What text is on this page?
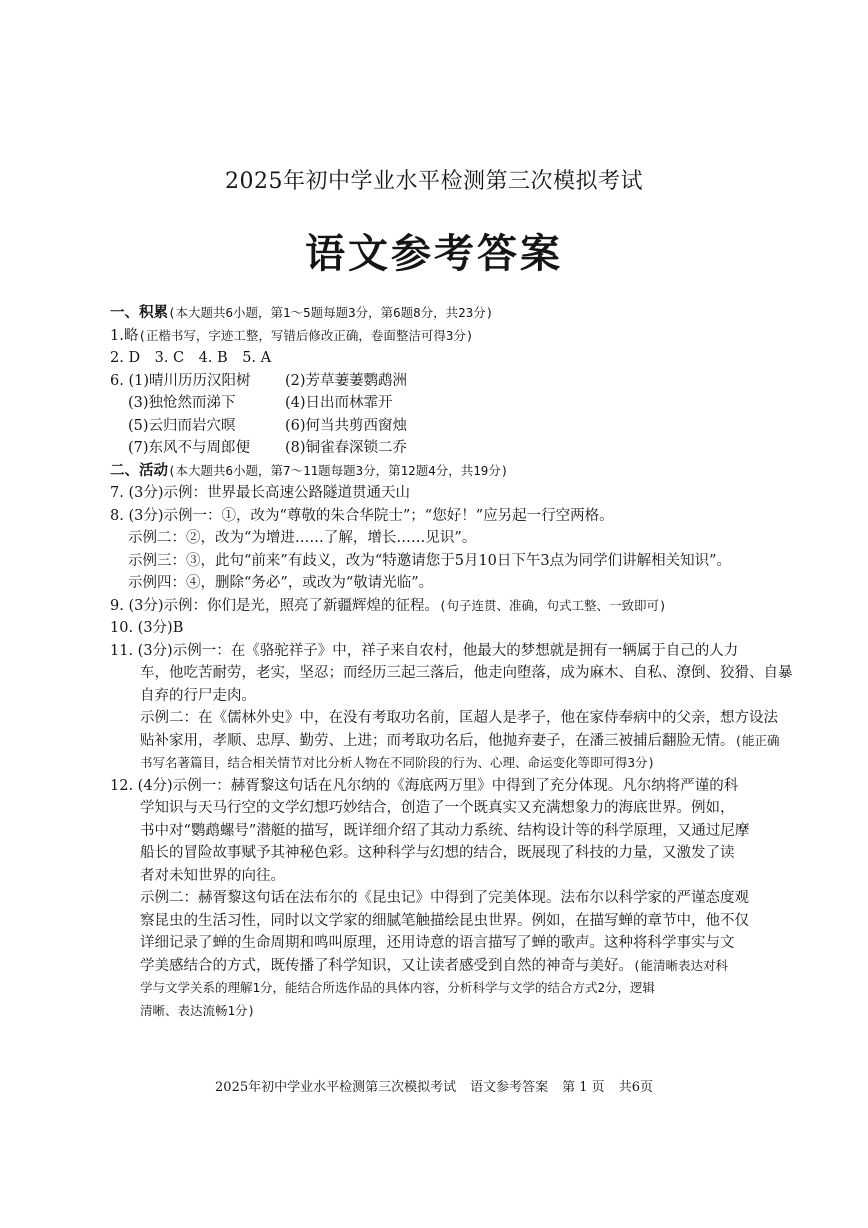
2025年初中学业水平检测第三次模拟考试
语文参考答案
一、积累(本大题共6小题，第1～5题每题3分，第6题8分，共23分)
1.略(正楷书写，字迹工整，写错后修改正确，卷面整洁可得3分)
2. D　3. C　4. B　5. A
6. (1)晴川历历汉阳树	(2)芳草萋萋鹦鹉洲
(3)独怆然而涕下	(4)日出而林霏开
(5)云归而岩穴暝	(6)何当共剪西窗烛
(7)东风不与周郎便	(8)铜雀春深锁二乔
二、活动(本大题共6小题，第7～11题每题3分，第12题4分，共19分)
7. (3分)示例：世界最长高速公路隧道贯通天山
8. (3分)示例一：①，改为“尊敬的朱合华院士”；“您好！”应另起一行空两格。
示例二：②，改为“为增进……了解，增长……见识”。
示例三：③，此句“前来”有歧义，改为“特邀请您于5月10日下午3点为同学们讲解相关知识”。
示例四：④，删除“务必”，或改为“敬请光临”。
9. (3分)示例：你们是光，照亮了新疆辉煌的征程。(句子连贯、准确，句式工整、一致即可)
10. (3分)B
11. (3分)示例一：在《骆驼祥子》中，祥子来自农村，他最大的梦想就是拥有一辆属于自己的人力
车，他吃苦耐劳，老实，坚忍；而经历三起三落后，他走向堕落，成为麻木、自私、潦倒、狡猾、自暴
自弃的行尸走肉。
示例二：在《儒林外史》中，在没有考取功名前，匡超人是孝子，他在家侍奉病中的父亲，想方设法
贴补家用，孝顺、忠厚、勤劳、上进；而考取功名后，他抛弃妻子，在潘三被捕后翻脸无情。(能正确
书写名著篇目，结合相关情节对比分析人物在不同阶段的行为、心理、命运变化等即可得3分)
12. (4分)示例一：赫胥黎这句话在凡尔纳的《海底两万里》中得到了充分体现。凡尔纳将严谨的科
学知识与天马行空的文学幻想巧妙结合，创造了一个既真实又充满想象力的海底世界。例如，
书中对“鹦鹉螺号”潜艇的描写，既详细介绍了其动力系统、结构设计等的科学原理，又通过尼摩
船长的冒险故事赋予其神秘色彩。这种科学与幻想的结合，既展现了科技的力量，又激发了读
者对未知世界的向往。
示例二：赫胥黎这句话在法布尔的《昆虫记》中得到了完美体现。法布尔以科学家的严谨态度观
察昆虫的生活习性，同时以文学家的细腻笔触描绘昆虫世界。例如，在描写蝉的章节中，他不仅
详细记录了蝉的生命周期和鸣叫原理，还用诗意的语言描写了蝉的歌声。这种将科学事实与文
学美感结合的方式，既传播了科学知识，又让读者感受到自然的神奇与美好。(能清晰表达对科
学与文学关系的理解1分，能结合所选作品的具体内容，分析科学与文学的结合方式2分，逻辑
清晰、表达流畅1分)
2025年初中学业水平检测第三次模拟考试 语文参考答案 第 1 页 共6页
